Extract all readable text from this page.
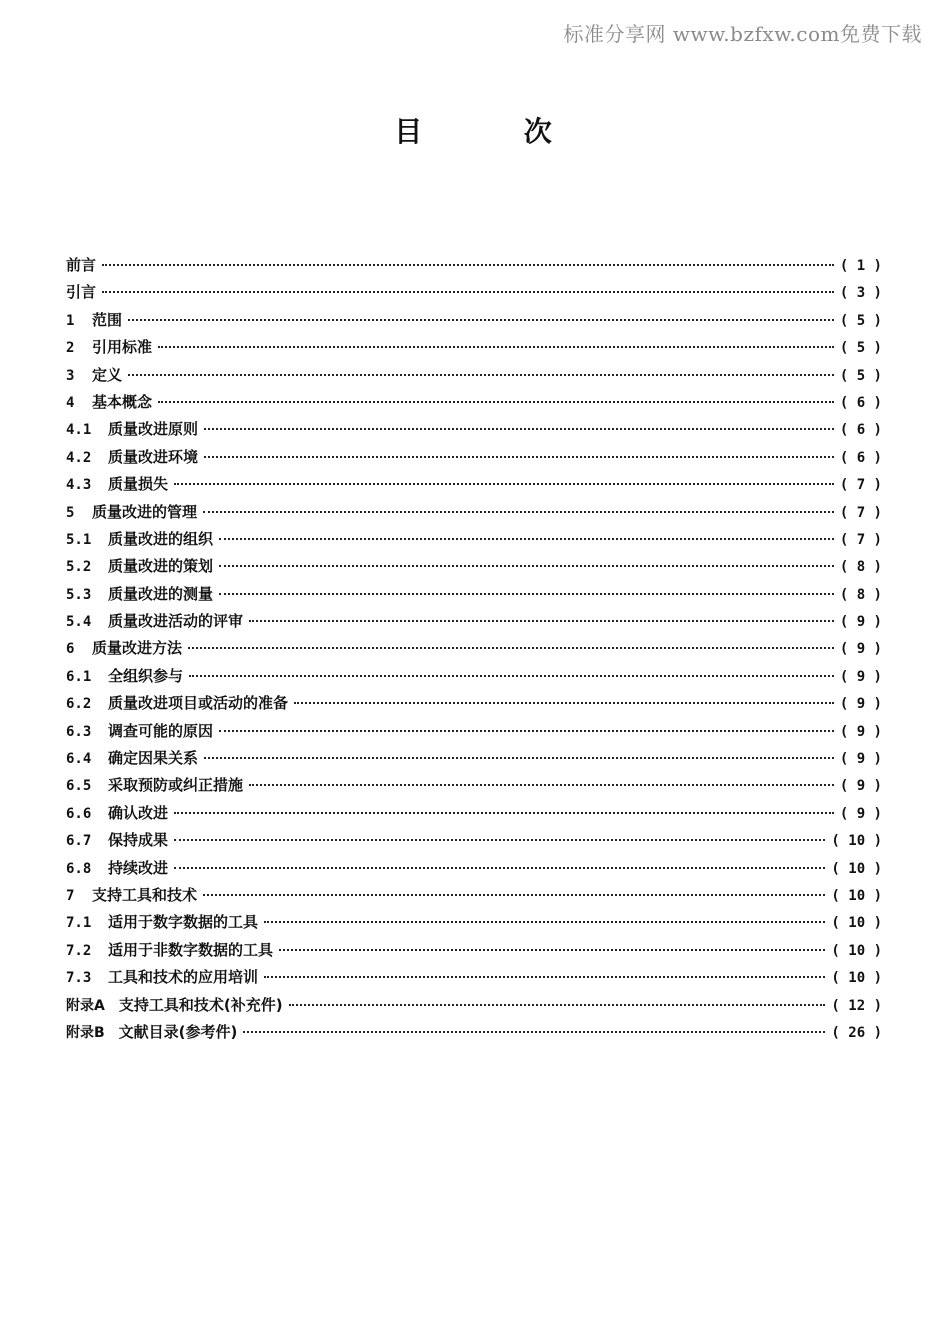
标准分享网 www.bzfxw.com免费下载
目	次
前言	( 1 )
引言	( 3 )
1	范围	( 5 )
2	引用标准	( 5 )
3	定义	( 5 )
4	基本概念	( 6 )
4.1	质量改进原则	( 6 )
4.2	质量改进环境	( 6 )
4.3	质量损失	( 7 )
5	质量改进的管理	( 7 )
5.1	质量改进的组织	( 7 )
5.2	质量改进的策划	( 8 )
5.3	质量改进的测量	( 8 )
5.4	质量改进活动的评审	( 9 )
6	质量改进方法	( 9 )
6.1	全组织参与	( 9 )
6.2	质量改进项目或活动的准备	( 9 )
6.3	调查可能的原因	( 9 )
6.4	确定因果关系	( 9 )
6.5	采取预防或纠正措施	( 9 )
6.6	确认改进	( 9 )
6.7	保持成果	( 10 )
6.8	持续改进	( 10 )
7	支持工具和技术	( 10 )
7.1	适用于数字数据的工具	( 10 )
7.2	适用于非数字数据的工具	( 10 )
7.3	工具和技术的应用培训	( 10 )
附录A 支持工具和技术(补充件)	( 12 )
附录B 文献目录(参考件)	( 26 )
